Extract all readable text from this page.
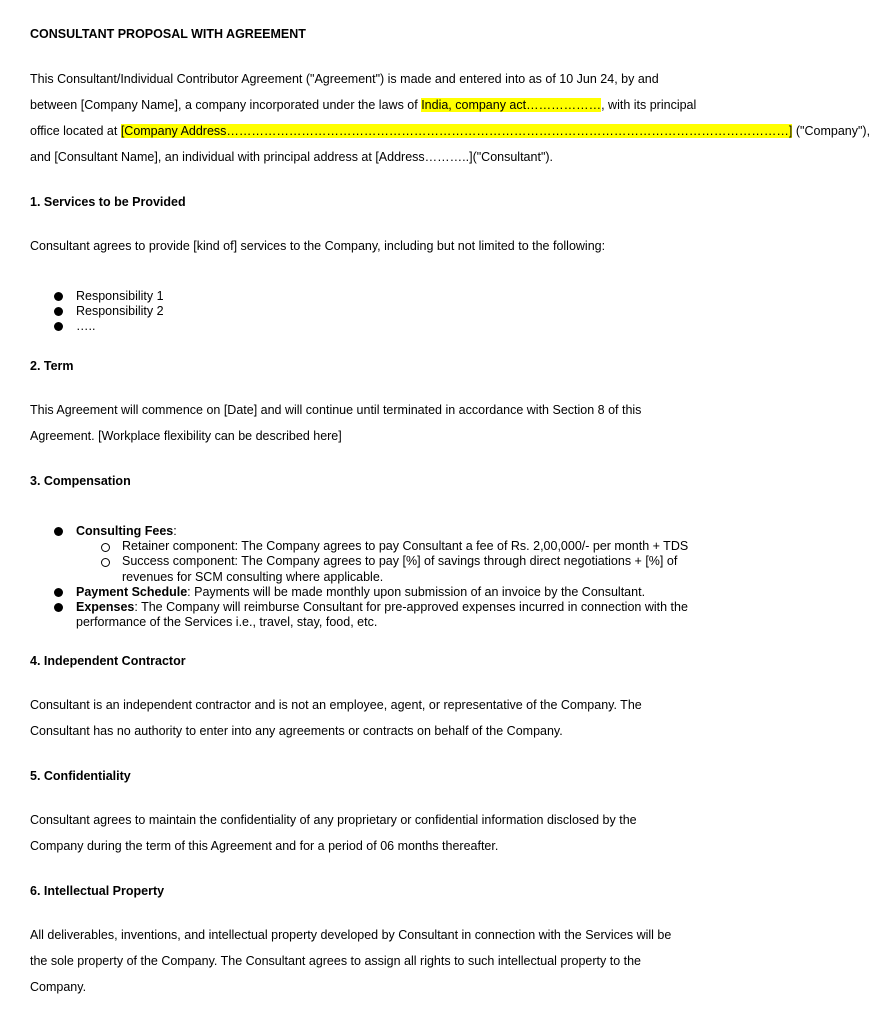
CONSULTANT PROPOSAL WITH AGREEMENT
This Consultant/Individual Contributor Agreement ("Agreement") is made and entered into as of 10 Jun 24, by and
between [Company Name], a company incorporated under the laws of India, company act………………, with its principal
office located at [Company Address………………………………………………………………………………………………………………………] ("Company"),
and [Consultant Name], an individual with principal address at [Address………..]("Consultant").
1. Services to be Provided
Consultant agrees to provide [kind of] services to the Company, including but not limited to the following:
Responsibility 1
Responsibility 2
…..
2. Term
This Agreement will commence on [Date] and will continue until terminated in accordance with Section 8 of this
Agreement. [Workplace flexibility can be described here]
3. Compensation
Consulting Fees:
Retainer component: The Company agrees to pay Consultant a fee of Rs. 2,00,000/- per month + TDS
Success component: The Company agrees to pay [%] of savings through direct negotiations + [%] of
revenues for SCM consulting where applicable.
Payment Schedule: Payments will be made monthly upon submission of an invoice by the Consultant.
Expenses: The Company will reimburse Consultant for pre-approved expenses incurred in connection with the
performance of the Services i.e., travel, stay, food, etc.
4. Independent Contractor
Consultant is an independent contractor and is not an employee, agent, or representative of the Company. The
Consultant has no authority to enter into any agreements or contracts on behalf of the Company.
5. Confidentiality
Consultant agrees to maintain the confidentiality of any proprietary or confidential information disclosed by the
Company during the term of this Agreement and for a period of 06 months thereafter.
6. Intellectual Property
All deliverables, inventions, and intellectual property developed by Consultant in connection with the Services will be
the sole property of the Company. The Consultant agrees to assign all rights to such intellectual property to the
Company.
